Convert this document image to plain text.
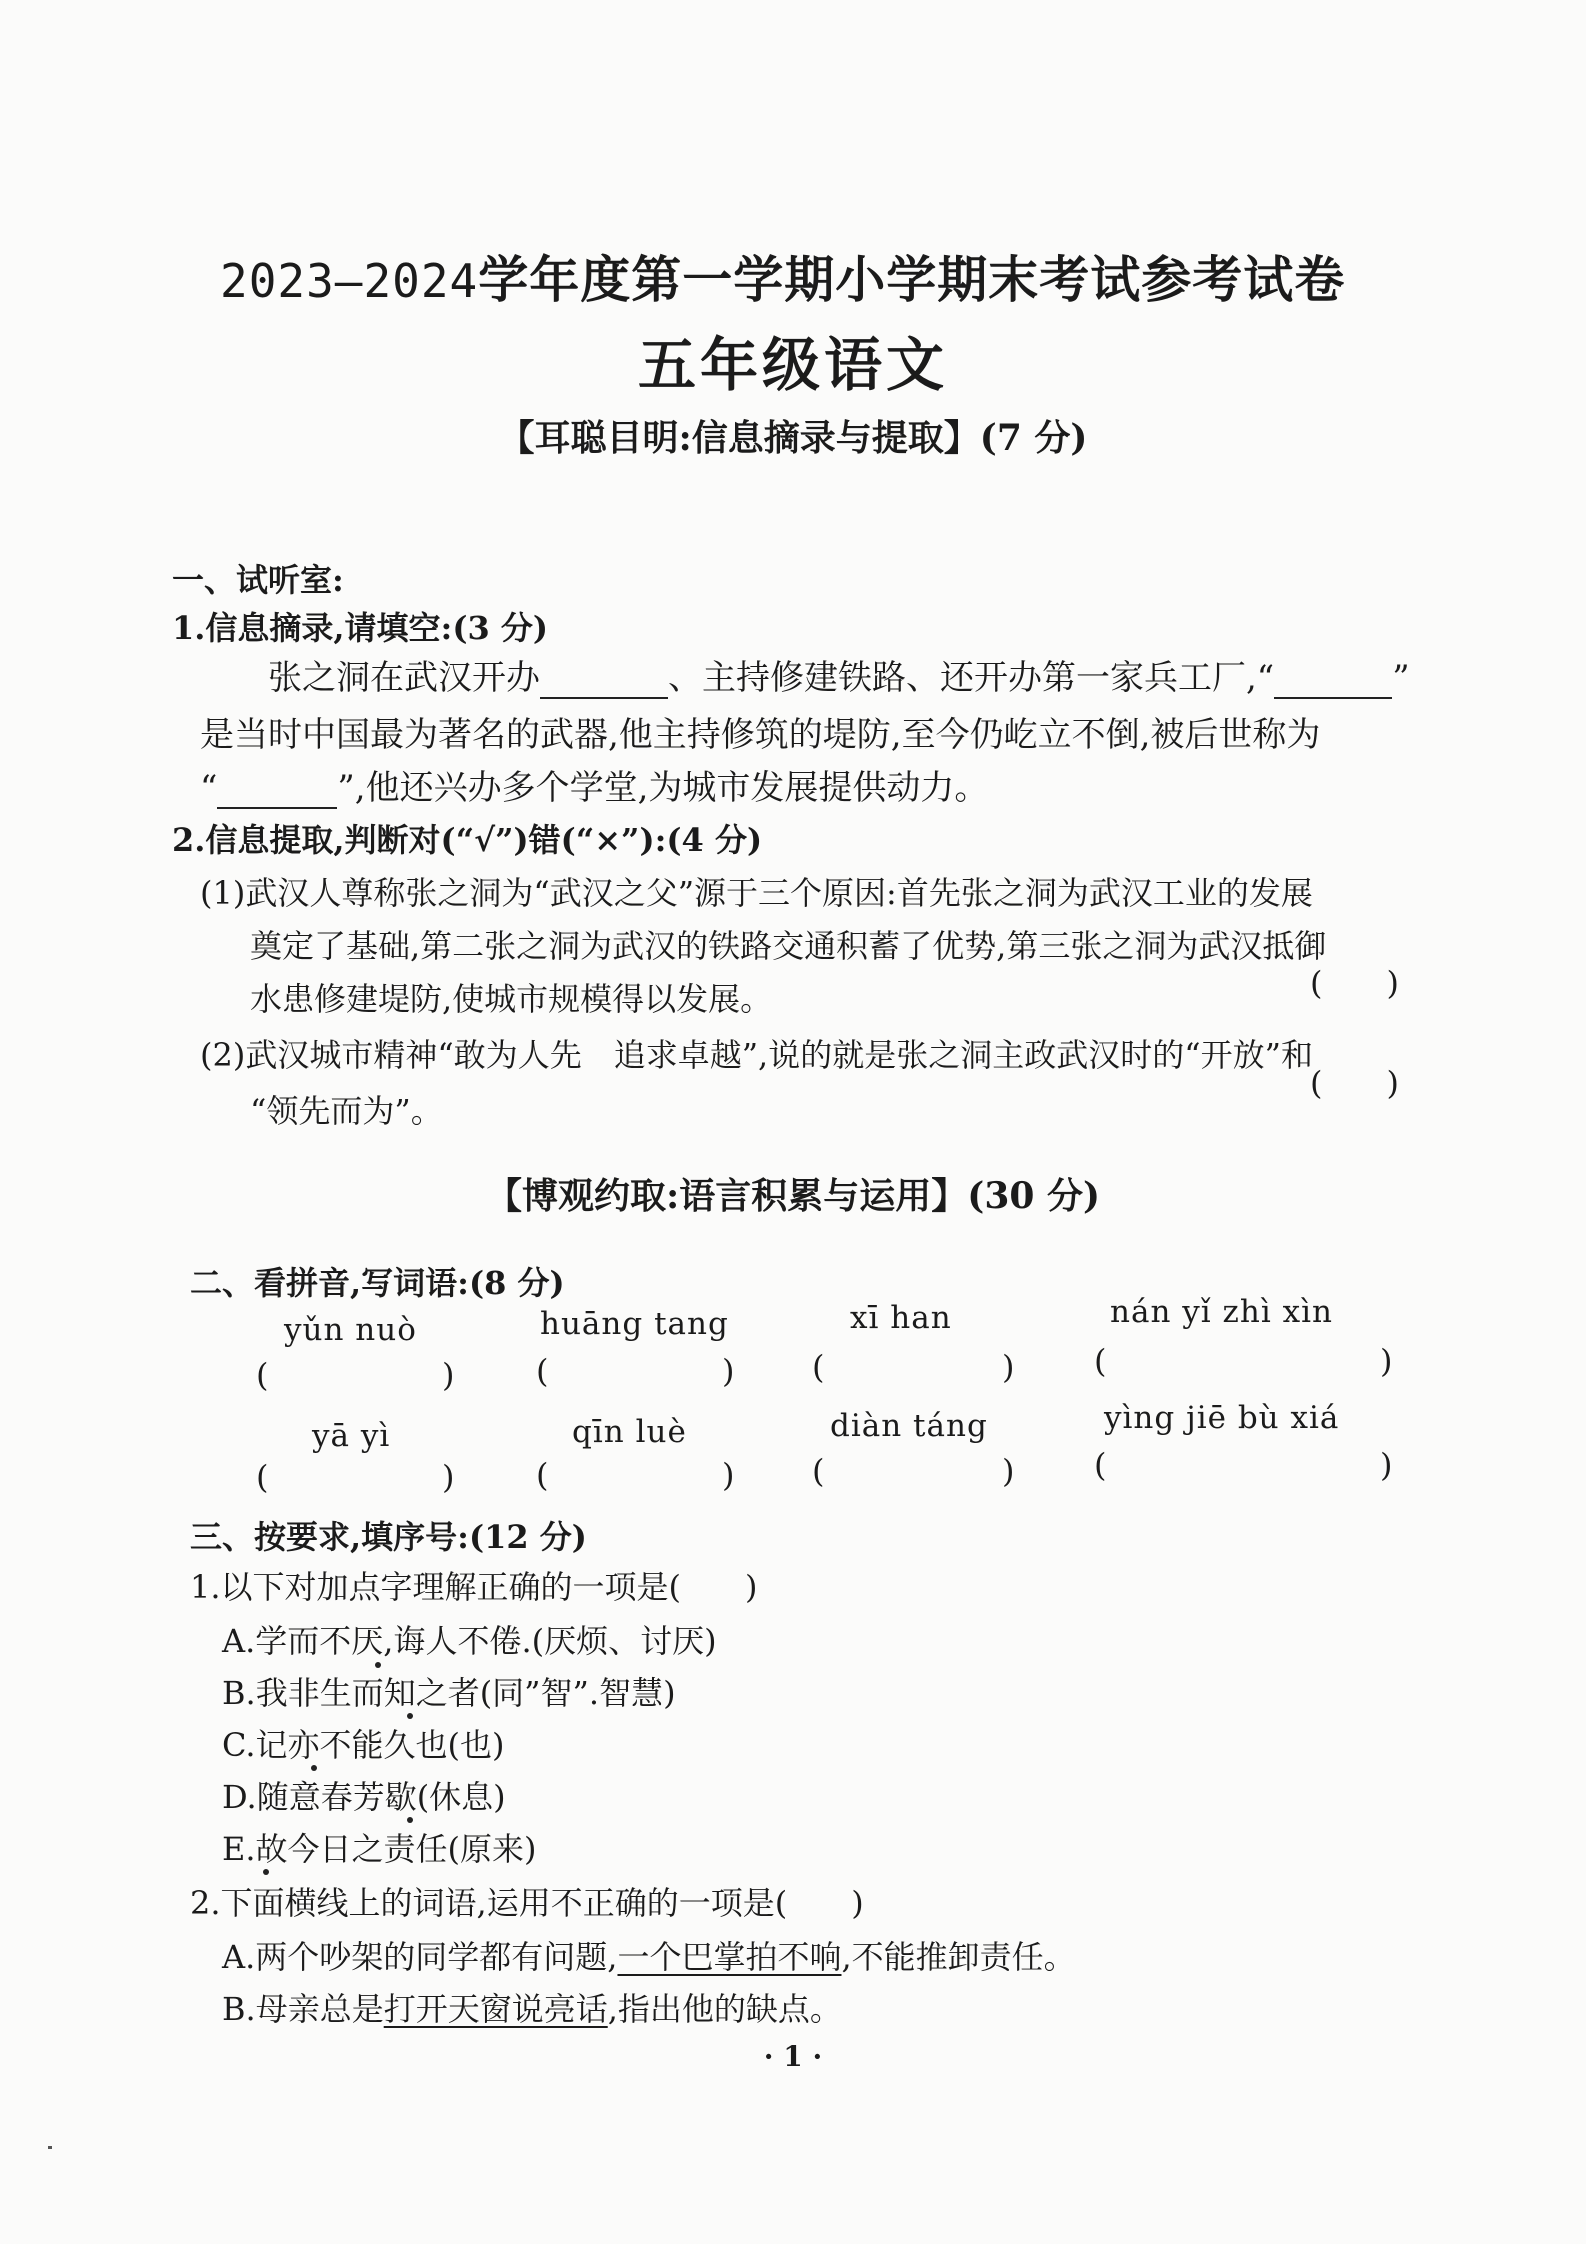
2023—2024学年度第一学期小学期末考试参考试卷
五年级语文
【耳聪目明:信息摘录与提取】(7 分)
一、试听室:
1.信息摘录,请填空:(3 分)
张之洞在武汉开办	、主持修建铁路、还开办第一家兵工厂,“	”
是当时中国最为著名的武器,他主持修筑的堤防,至今仍屹立不倒,被后世称为
“	”,他还兴办多个学堂,为城市发展提供动力。
2.信息提取,判断对(“√”)错(“×”):(4 分)
(1)武汉人尊称张之洞为“武汉之父”源于三个原因:首先张之洞为武汉工业的发展
奠定了基础,第二张之洞为武汉的铁路交通积蓄了优势,第三张之洞为武汉抵御
水患修建堤防,使城市规模得以发展。	(　　)
(2)武汉城市精神“敢为人先　追求卓越”,说的就是张之洞主政武汉时的“开放”和
“领先而为”。
(　　)
【博观约取:语言积累与运用】(30 分)
二、看拼音,写词语:(8 分)
yǔn nuò	huāng tang	xī han	nán yǐ zhì xìn
(	)	(	) (	) (	)
yā yì	qīn luè	diàn táng	yìng jiē bù xiá
(	)	(	) (	) (	)
三、按要求,填序号:(12 分)
1.以下对加点字理解正确的一项是(　　)
A.学而不厌,诲人不倦.(厌烦、讨厌)
B.我非生而知之者(同”智”.智慧)
C.记亦不能久也(也)
D.随意春芳歇(休息)
E.故今日之责任(原来)
2.下面横线上的词语,运用不正确的一项是(　　)
A.两个吵架的同学都有问题,一个巴掌拍不响,不能推卸责任。
B.母亲总是打开天窗说亮话,指出他的缺点。
· 1 ·
